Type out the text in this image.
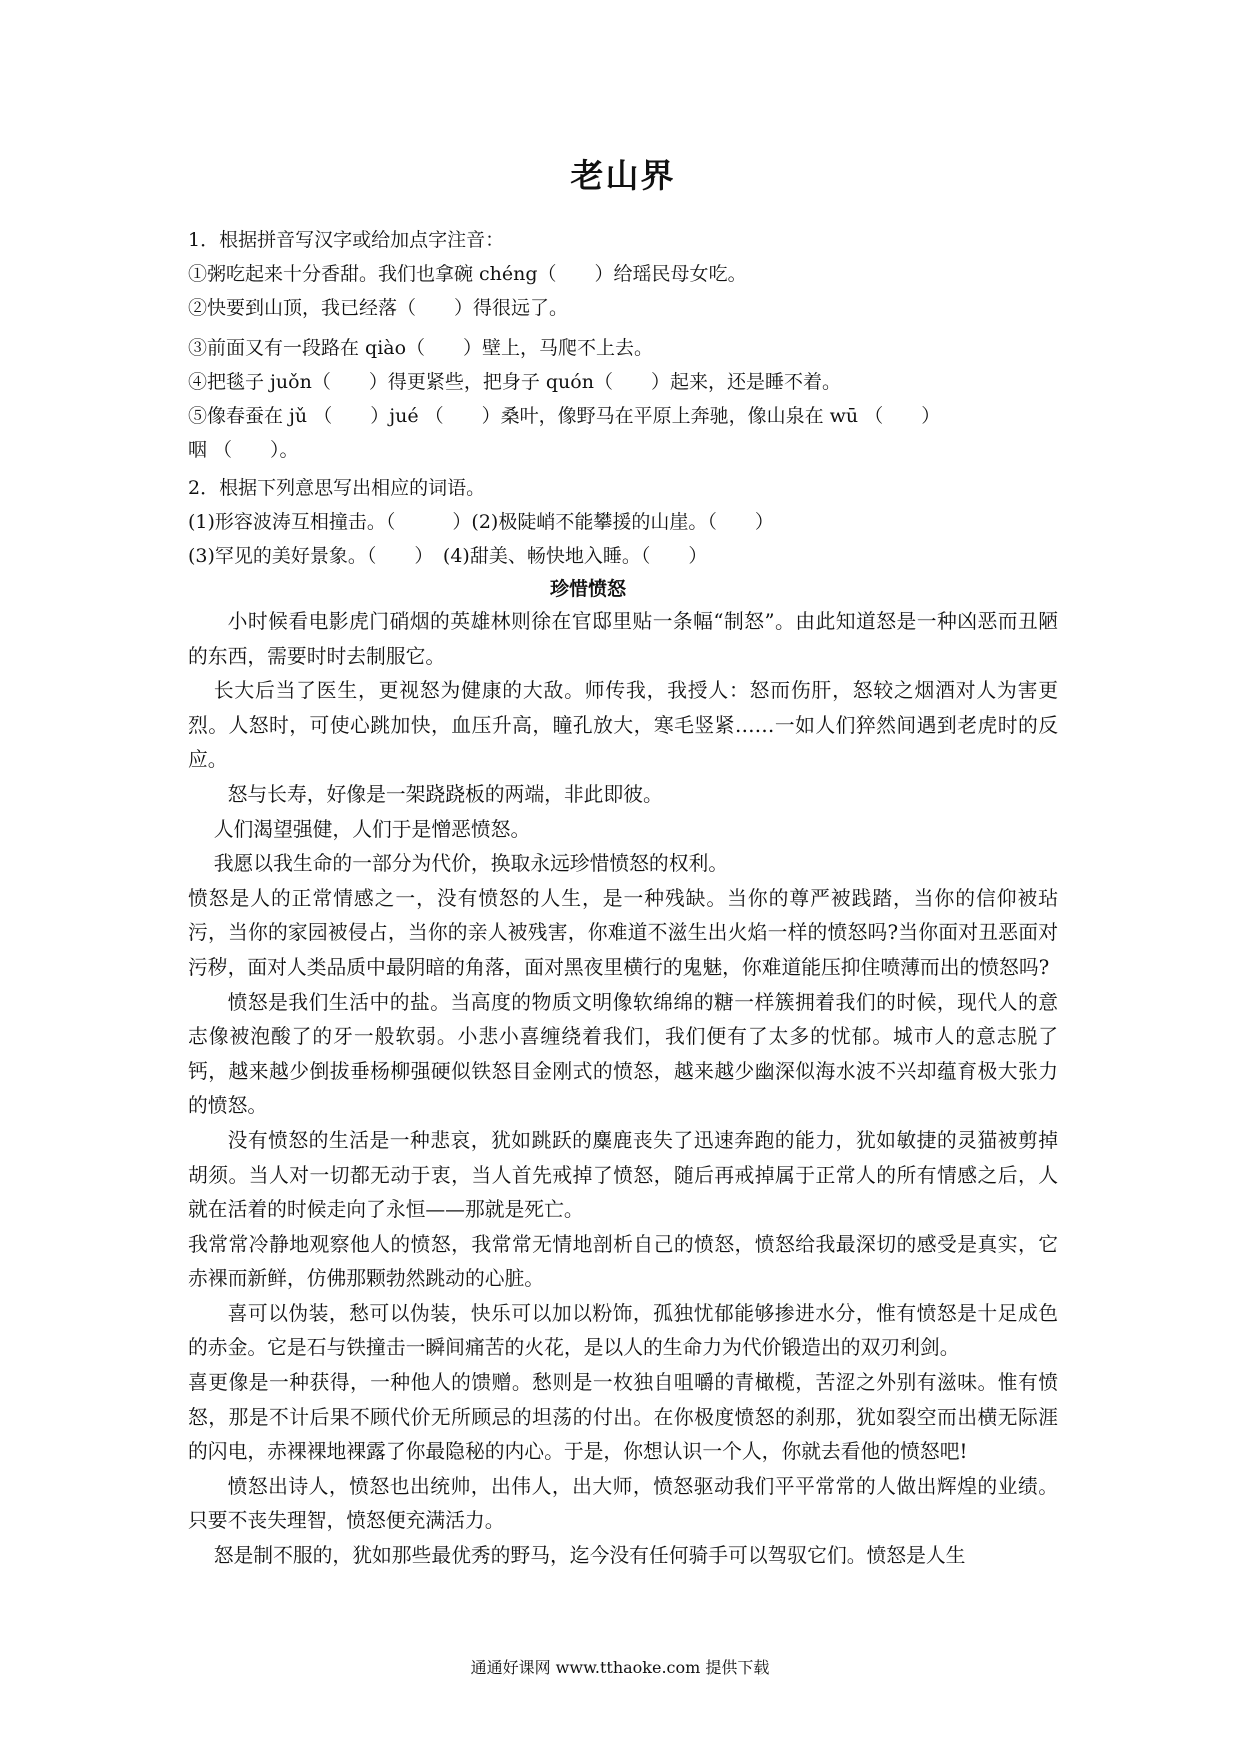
老山界
1．根据拼音写汉字或给加点字注音：
①粥吃起来十分香甜。我们也拿碗 chéng（　　）给瑶民母女吃。
②快要到山顶，我已经落（　　）得很远了。
③前面又有一段路在 qiào（　　）壁上，马爬不上去。
④把毯子 juǒn（　　）得更紧些，把身子 quón（　　）起来，还是睡不着。
⑤像春蚕在 jǔ （　　）jué （　　）桑叶，像野马在平原上奔驰，像山泉在 wū （　　）
咽 （　　）。
2．根据下列意思写出相应的词语。
(1)形容波涛互相撞击。（　　　）(2)极陡峭不能攀援的山崖。（　　）
(3)罕见的美好景象。（　　）　(4)甜美、畅快地入睡。（　　）
珍惜愤怒

小时候看电影虎门硝烟的英雄林则徐在官邸里贴一条幅“制怒”。由此知道怒是一种凶恶而丑陋的东西，需要时时去制服它。

长大后当了医生，更视怒为健康的大敌。师传我，我授人：怒而伤肝，怒较之烟酒对人为害更烈。人怒时，可使心跳加快，血压升高，瞳孔放大，寒毛竖紧……一如人们猝然间遇到老虎时的反应。

怒与长寿，好像是一架跷跷板的两端，非此即彼。

人们渴望强健，人们于是憎恶愤怒。

我愿以我生命的一部分为代价，换取永远珍惜愤怒的权利。

愤怒是人的正常情感之一，没有愤怒的人生，是一种残缺。当你的尊严被践踏，当你的信仰被玷污，当你的家园被侵占，当你的亲人被残害，你难道不滋生出火焰一样的愤怒吗?当你面对丑恶面对污秽，面对人类品质中最阴暗的角落，面对黑夜里横行的鬼魅，你难道能压抑住喷薄而出的愤怒吗?

愤怒是我们生活中的盐。当高度的物质文明像软绵绵的糖一样簇拥着我们的时候，现代人的意志像被泡酸了的牙一般软弱。小悲小喜缠绕着我们，我们便有了太多的忧郁。城市人的意志脱了钙，越来越少倒拔垂杨柳强硬似铁怒目金刚式的愤怒，越来越少幽深似海水波不兴却蕴育极大张力的愤怒。

没有愤怒的生活是一种悲哀，犹如跳跃的麋鹿丧失了迅速奔跑的能力，犹如敏捷的灵猫被剪掉胡须。当人对一切都无动于衷，当人首先戒掉了愤怒，随后再戒掉属于正常人的所有情感之后，人就在活着的时候走向了永恒——那就是死亡。

我常常冷静地观察他人的愤怒，我常常无情地剖析自己的愤怒，愤怒给我最深切的感受是真实，它赤裸而新鲜，仿佛那颗勃然跳动的心脏。

喜可以伪装，愁可以伪装，快乐可以加以粉饰，孤独忧郁能够掺进水分，惟有愤怒是十足成色的赤金。它是石与铁撞击一瞬间痛苦的火花，是以人的生命力为代价锻造出的双刃利剑。

喜更像是一种获得，一种他人的馈赠。愁则是一枚独自咀嚼的青橄榄，苦涩之外别有滋味。惟有愤怒，那是不计后果不顾代价无所顾忌的坦荡的付出。在你极度愤怒的刹那，犹如裂空而出横无际涯的闪电，赤裸裸地裸露了你最隐秘的内心。于是，你想认识一个人，你就去看他的愤怒吧!

愤怒出诗人，愤怒也出统帅，出伟人，出大师，愤怒驱动我们平平常常的人做出辉煌的业绩。只要不丧失理智，愤怒便充满活力。

怒是制不服的，犹如那些最优秀的野马，迄今没有任何骑手可以驾驭它们。愤怒是人生

通通好课网 www.tthaoke.com 提供下载
